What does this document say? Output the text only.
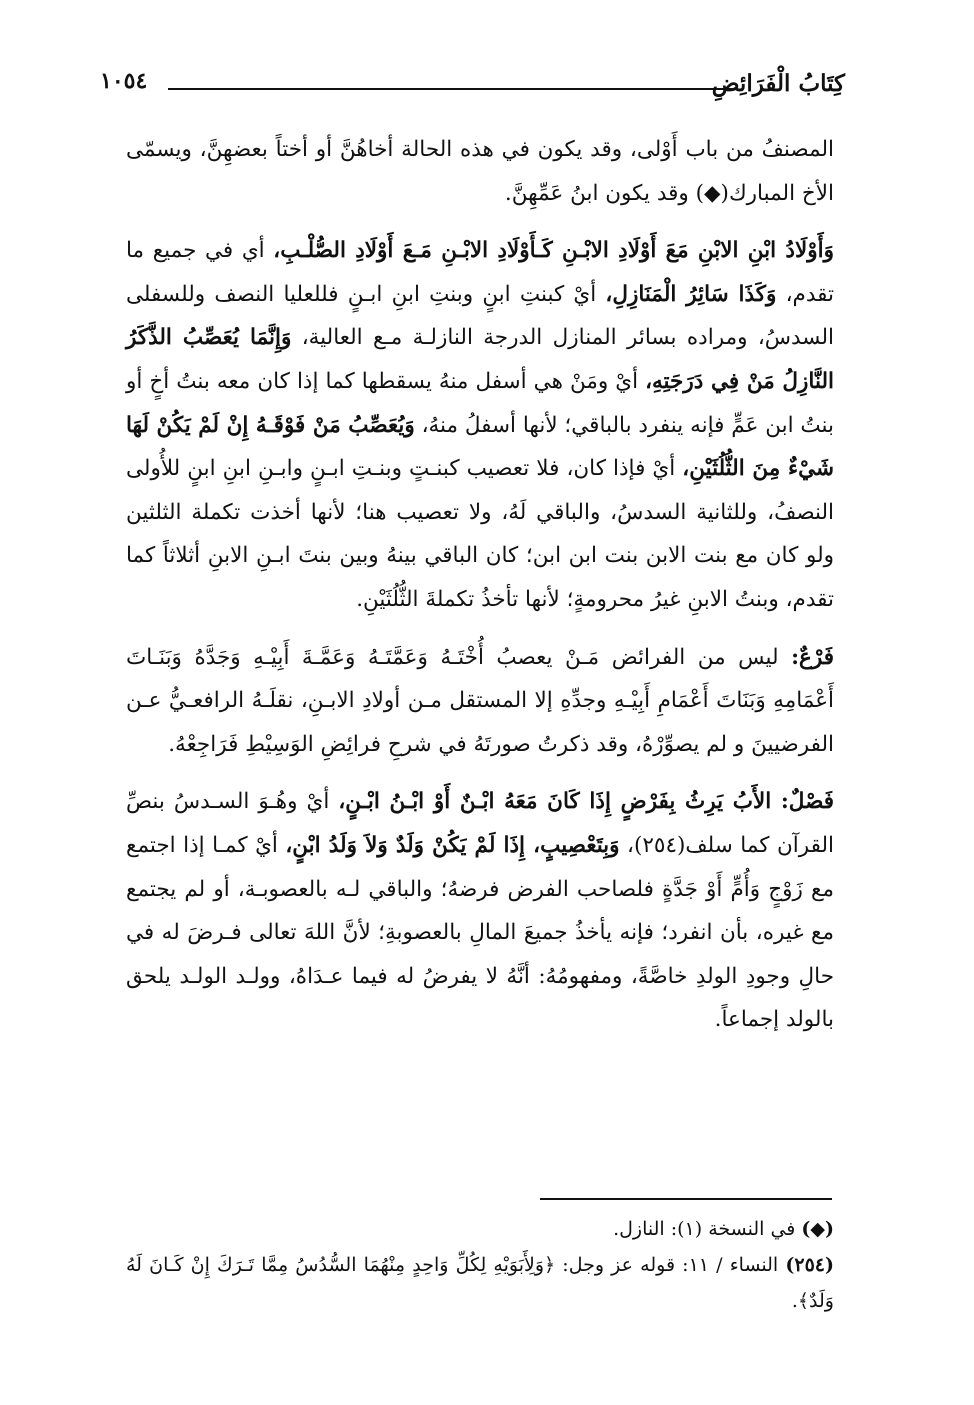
كِتَابُ الْفَرَائِضِ
١٠٥٤

المصنفُ من باب أَوْلى، وقد يكون في هذه الحالة أخاهُنَّ أو أختاً بعضهِنَّ، ويسمّى الأخ المبارك(◆) وقد يكون ابنُ عَمِّهِنَّ.

وَأَوْلَادُ ابْنِ الابْنِ مَعَ أَوْلَادِ الابْـنِ كَـأَوْلَادِ الابْـنِ مَـعَ أَوْلَادِ الصُّلْـبِ، أي في جميع ما تقدم، وَكَذَا سَائِرُ الْمَنَازِلِ، أيْ كبنتِ ابنٍ وبنتِ ابنِ ابـنٍ فللعليا النصف وللسفلى السدسُ، ومراده بسائر المنازل الدرجة النازلـة مـع العالية، وَإِنَّمَا يُعَصِّبُ الذَّكَرُ النَّازِلُ مَنْ فِي دَرَجَتِهِ، أيْ ومَنْ هي أسفل منهُ يسقطها كما إذا كان معه بنتُ أخٍ أو بنتُ ابن عَمٍّ فإنه ينفرد بالباقي؛ لأنها أسفلُ منهُ، وَيُعَصِّبُ مَنْ فَوْقَـهُ إِنْ لَمْ يَكُنْ لَهَا شَيْءٌ مِنَ الثُّلُثَيْنِ، أيْ فإذا كان، فلا تعصيب كبنـتٍ وبنـتِ ابـنٍ وابـنِ ابنِ ابنٍ للأُولى النصفُ، وللثانية السدسُ، والباقي لَهُ، ولا تعصيب هنا؛ لأنها أخذت تكملة الثلثين ولو كان مع بنت الابن بنت ابن ابن؛ كان الباقي بينهُ وبين بنتَ ابـنِ الابنِ أثلاثاً كما تقدم، وبنتُ الابنِ غيرُ محرومةٍ؛ لأنها تأخذُ تكملةَ الثُّلُثَيْنِ.

فَرْعٌ: ليس من الفرائض مَـنْ يعصبُ أُخْتَـهُ وَعَمَّتَـهُ وَعَمَّـةَ أَبِيْـهِ وَجَدَّهُ وَبَنَـاتَ أَعْمَامِهِ وَبَنَاتَ أَعْمَامِ أَبِيْـهِ وجدِّهِ إلا المستقل مـن أولادِ الابـنِ، نقلَـهُ الرافعـيُّ عـن الفرضيينَ و لم يصوِّرْهُ، وقد ذكرتُ صورتَهُ في شرحِ فرائِضِ الوَسِيْطِ فَرَاجِعْهُ.

فَصْلٌ: الأَبُ يَرِثُ بِفَرْضٍ إِذَا كَانَ مَعَهُ ابْـنٌ أَوْ ابْـنُ ابْـنٍ، أيْ وهُـوَ السـدسُ بنصِّ القرآن كما سلف(٢٥٤)، وَبِتَعْصِيبٍ، إِذَا لَمْ يَكُنْ وَلَدٌ وَلاَ وَلَدُ ابْنٍ، أيْ كمـا إذا اجتمع مع زَوْجٍ وَأُمٍّ أَوْ جَدَّةٍ فلصاحب الفرض فرضهُ؛ والباقي لـه بالعصوبـة، أو لم يجتمع مع غيره، بأن انفرد؛ فإنه يأخذُ جميعَ المالِ بالعصوبةِ؛ لأنَّ اللهَ تعالى فـرضَ له في حالِ وجودِ الولدِ خاصَّةً، ومفهومُهُ: أنَّهُ لا يفرضُ له فيما عـدَاهُ، وولـد الولـد يلحق بالولد إجماعاً.

(◆) في النسخة (١): النازل.

(٢٥٤) النساء / ١١: قوله عز وجل: ﴿وَلِأَبَوَيْهِ لِكُلِّ وَاحِدٍ مِنْهُمَا السُّدُسُ مِمَّا تَـرَكَ إِنْ كَـانَ لَهُ وَلَدٌ﴾.
